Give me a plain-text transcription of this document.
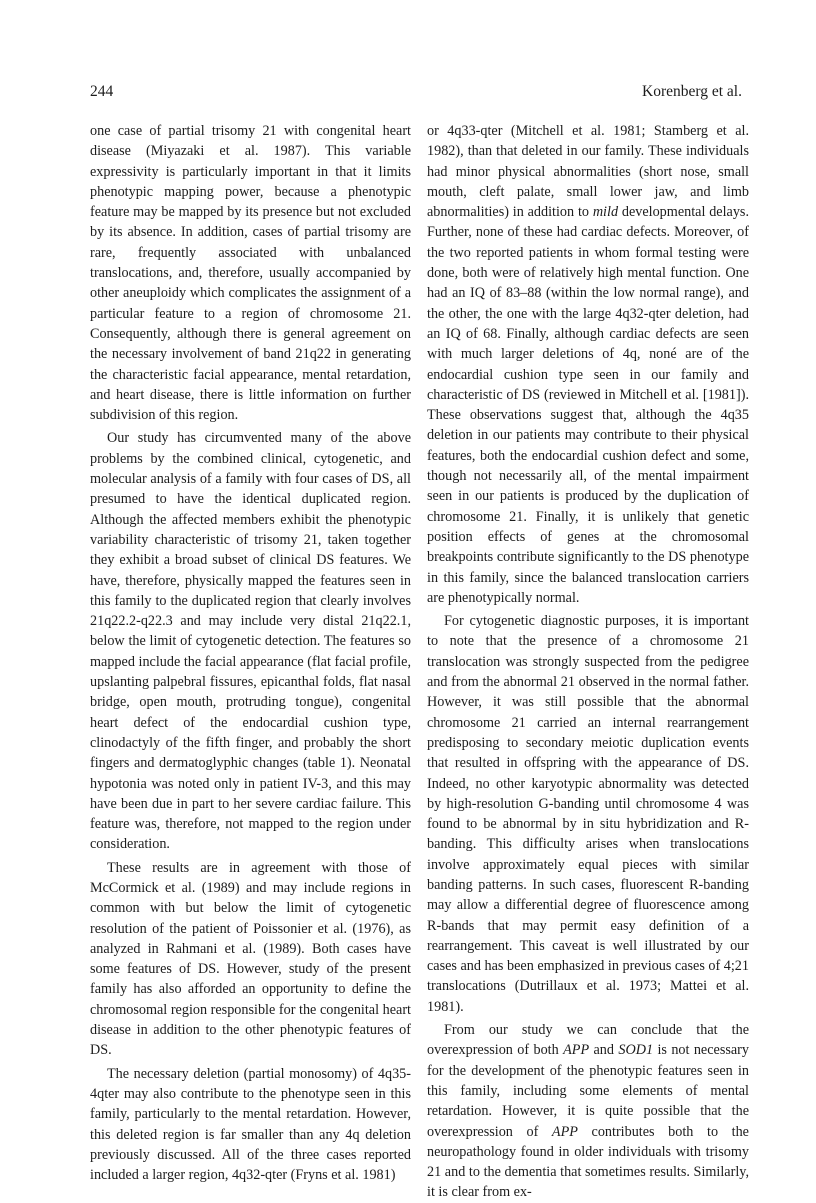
244	Korenberg et al.

one case of partial trisomy 21 with congenital heart disease (Miyazaki et al. 1987). This variable expressivity is particularly important in that it limits phenotypic mapping power, because a phenotypic feature may be mapped by its presence but not excluded by its absence. In addition, cases of partial trisomy are rare, frequently associated with unbalanced translocations, and, therefore, usually accompanied by other aneuploidy which complicates the assignment of a particular feature to a region of chromosome 21. Consequently, although there is general agreement on the necessary involvement of band 21q22 in generating the characteristic facial appearance, mental retardation, and heart disease, there is little information on further subdivision of this region.

Our study has circumvented many of the above problems by the combined clinical, cytogenetic, and molecular analysis of a family with four cases of DS, all presumed to have the identical duplicated region. Although the affected members exhibit the phenotypic variability characteristic of trisomy 21, taken together they exhibit a broad subset of clinical DS features. We have, therefore, physically mapped the features seen in this family to the duplicated region that clearly involves 21q22.2-q22.3 and may include very distal 21q22.1, below the limit of cytogenetic detection. The features so mapped include the facial appearance (flat facial profile, upslanting palpebral fissures, epicanthal folds, flat nasal bridge, open mouth, protruding tongue), congenital heart defect of the endocardial cushion type, clinodactyly of the fifth finger, and probably the short fingers and dermatoglyphic changes (table 1). Neonatal hypotonia was noted only in patient IV-3, and this may have been due in part to her severe cardiac failure. This feature was, therefore, not mapped to the region under consideration.

These results are in agreement with those of McCormick et al. (1989) and may include regions in common with but below the limit of cytogenetic resolution of the patient of Poissonier et al. (1976), as analyzed in Rahmani et al. (1989). Both cases have some features of DS. However, study of the present family has also afforded an opportunity to define the chromosomal region responsible for the congenital heart disease in addition to the other phenotypic features of DS.

The necessary deletion (partial monosomy) of 4q35-4qter may also contribute to the phenotype seen in this family, particularly to the mental retardation. However, this deleted region is far smaller than any 4q deletion previously discussed. All of the three cases reported included a larger region, 4q32-qter (Fryns et al. 1981)

or 4q33-qter (Mitchell et al. 1981; Stamberg et al. 1982), than that deleted in our family. These individuals had minor physical abnormalities (short nose, small mouth, cleft palate, small lower jaw, and limb abnormalities) in addition to mild developmental delays. Further, none of these had cardiac defects. Moreover, of the two reported patients in whom formal testing were done, both were of relatively high mental function. One had an IQ of 83–88 (within the low normal range), and the other, the one with the large 4q32-qter deletion, had an IQ of 68. Finally, although cardiac defects are seen with much larger deletions of 4q, noné are of the endocardial cushion type seen in our family and characteristic of DS (reviewed in Mitchell et al. [1981]). These observations suggest that, although the 4q35 deletion in our patients may contribute to their physical features, both the endocardial cushion defect and some, though not necessarily all, of the mental impairment seen in our patients is produced by the duplication of chromosome 21. Finally, it is unlikely that genetic position effects of genes at the chromosomal breakpoints contribute significantly to the DS phenotype in this family, since the balanced translocation carriers are phenotypically normal.

For cytogenetic diagnostic purposes, it is important to note that the presence of a chromosome 21 translocation was strongly suspected from the pedigree and from the abnormal 21 observed in the normal father. However, it was still possible that the abnormal chromosome 21 carried an internal rearrangement predisposing to secondary meiotic duplication events that resulted in offspring with the appearance of DS. Indeed, no other karyotypic abnormality was detected by high-resolution G-banding until chromosome 4 was found to be abnormal by in situ hybridization and R-banding. This difficulty arises when translocations involve approximately equal pieces with similar banding patterns. In such cases, fluorescent R-banding may allow a differential degree of fluorescence among R-bands that may permit easy definition of a rearrangement. This caveat is well illustrated by our cases and has been emphasized in previous cases of 4;21 translocations (Dutrillaux et al. 1973; Mattei et al. 1981).

From our study we can conclude that the overexpression of both APP and SOD1 is not necessary for the development of the phenotypic features seen in this family, including some elements of mental retardation. However, it is quite possible that the overexpression of APP contributes both to the neuropathology found in older individuals with trisomy 21 and to the dementia that sometimes results. Similarly, it is clear from ex-
